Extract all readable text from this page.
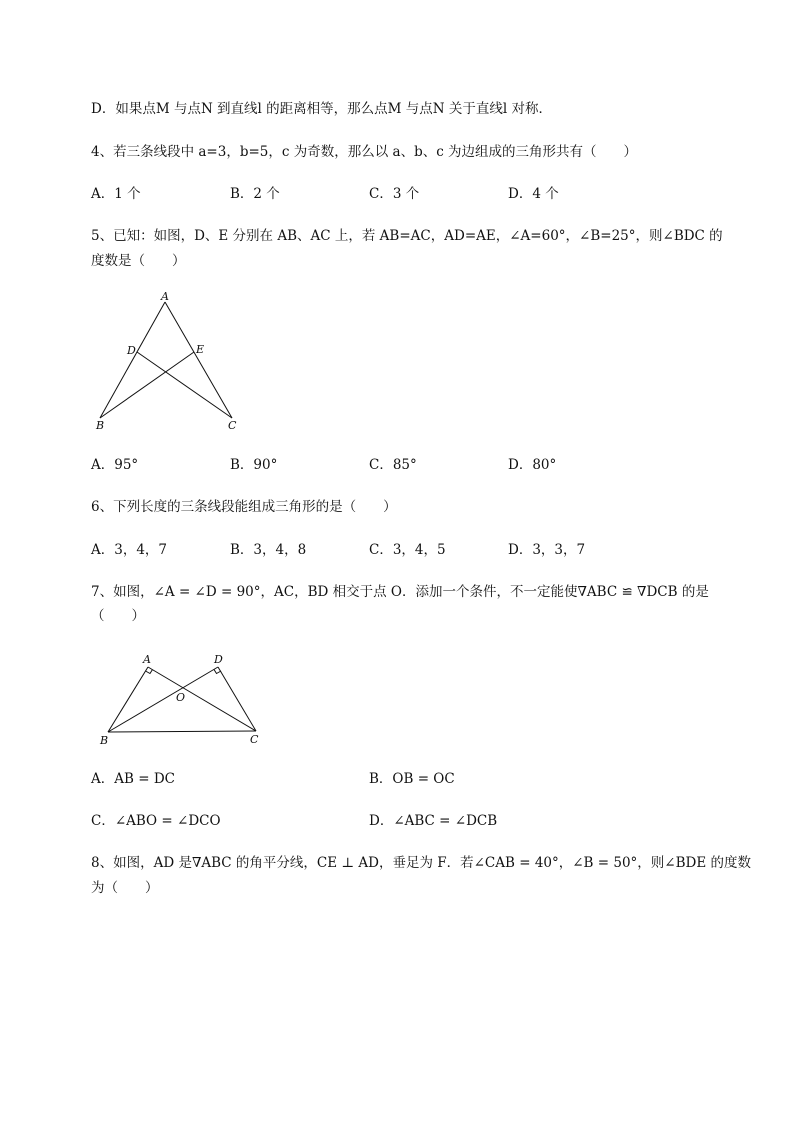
D．如果点M 与点N 到直线l 的距离相等，那么点M 与点N 关于直线l 对称．
4、若三条线段中 a=3，b=5，c 为奇数，那么以 a、b、c 为边组成的三角形共有（　　）
A．1 个	B．2 个	C．3 个	D．4 个
5、已知：如图，D、E 分别在 AB、AC 上，若 AB=AC，AD=AE，∠A=60°，∠B=25°，则∠BDC 的
度数是（　　）
A
B	C
D	E
A．95°	B．90°	C．85°	D．80°
6、下列长度的三条线段能组成三角形的是（　　）
A．3，4，7	B．3，4，8	C．3，4，5	D．3，3，7
7、如图，∠A = ∠D = 90°，AC，BD 相交于点 O．添加一个条件，不一定能使∇ABC ≌ ∇DCB 的是
（　　）
A	D
O
B	C
A．AB = DC	B．OB = OC
C．∠ABO = ∠DCO	D．∠ABC = ∠DCB
8、如图，AD 是∇ABC 的角平分线，CE ⊥ AD，垂足为 F．若∠CAB = 40°，∠B = 50°，则∠BDE 的度数
为（　　）
